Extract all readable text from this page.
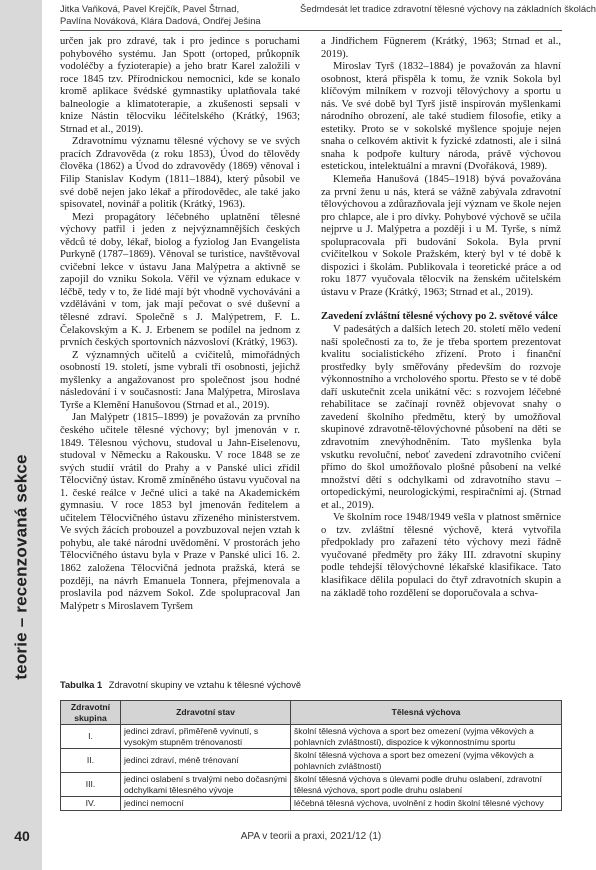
teorie – recenzovaná sekce
40
Jitka Vaňková, Pavel Krejčík, Pavel Štrnad,
Pavlína Nováková, Klára Dadová, Ondřej Ješina
Šedmdesát let tradice zdravotní tělesné výchovy na základních školách

určen jak pro zdravé, tak i pro jedince s poruchami pohybového systému. Jan Spott (ortoped, průkopník vodoléčby a fyzioterapie) a jeho bratr Karel založili v roce 1845 tzv. Přírodnickou nemocnici, kde se konalo kromě aplikace švédské gymnastiky uplatňovala také balneologie a klimatoterapie, a zkušenosti sepsali v knize Nástin tělocviku léčitelského (Krátký, 1963; Strnad et al., 2019).

Zdravotnímu významu tělesné výchovy se ve svých pracích Zdravověda (z roku 1853), Úvod do tělovědy člověka (1862) a Úvod do zdravovědy (1869) věnoval i Filip Stanislav Kodym (1811–1884), který působil ve své době nejen jako lékař a přírodovědec, ale také jako spisovatel, novinář a politik (Krátký, 1963).

Mezi propagátory léčebného uplatnění tělesné výchovy patřil i jeden z nejvýznamnějších českých vědců té doby, lékař, biolog a fyziolog Jan Evangelista Purkyně (1787–1869). Věnoval se turistice, navštěvoval cvičební lekce v ústavu Jana Malýpetra a aktivně se zapojil do vzniku Sokola. Věřil ve význam edukace v léčbě, tedy v to, že lidé mají být vhodně vychováváni a vzděláváni v tom, jak mají pečovat o své duševní a tělesné zdraví. Společně s J. Malýpetrem, F. L. Čelakovským a K. J. Erbenem se podílel na jednom z prvních českých sportovních názvosloví (Krátký, 1963).

Z významných učitelů a cvičitelů, mimořádných osobností 19. století, jsme vybrali tři osobnosti, jejichž myšlenky a angažovanost pro společnost jsou hodné následování i v současnosti: Jana Malýpetra, Miroslava Tyrše a Klemění Hanušovou (Strnad et al., 2019).

Jan Malýpetr (1815–1899) je považován za prvního českého učitele tělesné výchovy; byl jmenován v r. 1849. Tělesnou výchovu, studoval u Jahn-Eiselenovu, studoval v Německu a Rakousku. V roce 1848 se ze svých studií vrátil do Prahy a v Panské ulici zřídil Tělocvičný ústav. Kromě zmíněného ústavu vyučoval na 1. české reálce v Ječné ulici a také na Akademickém gymnasiu. V roce 1853 byl jmenován ředitelem a učitelem Tělocvičného ústavu zřízeného ministerstvem. Ve svých žácích probouzel a povzbuzoval nejen vztah k pohybu, ale také národní uvědomění. V prostorách jeho Tělocvičného ústavu byla v Praze v Panské ulici 16. 2. 1862 založena Tělocvičná jednota pražská, která se později, na návrh Emanuela Tonnera, přejmenovala a proslavila pod názvem Sokol. Zde spolupracoval Jan Malýpetr s Miroslavem Tyršem

a Jindřichem Fügnerem (Krátký, 1963; Strnad et al., 2019).

Miroslav Tyrš (1832–1884) je považován za hlavní osobnost, která přispěla k tomu, že vznik Sokola byl klíčovým milníkem v rozvoji tělovýchovy a sportu u nás. Ve své době byl Tyrš jistě inspirován myšlenkami národního obrození, ale také studiem filosofie, etiky a estetiky. Proto se v sokolské myšlence spojuje nejen snaha o celkovém aktivit k fyzické zdatnosti, ale i silná snaha k podpoře kultury národa, právě výchovou estetickou, intelektuální a mravní (Dvořáková, 1989).

Klemeňa Hanušová (1845–1918) bývá považována za první ženu u nás, která se vážně zabývala zdravotní tělovýchovou a zdůrazňovala její význam ve škole nejen pro chlapce, ale i pro dívky. Pohybové výchově se učila nejprve u J. Malýpetra a později i u M. Tyrše, s nímž spolupracovala při budování Sokola. Byla první cvičitelkou v Sokole Pražském, který byl v té době k dispozici i školám. Publikovala i teoretické práce a od roku 1877 vyučovala tělocvik na ženském učitelském ústavu v Praze (Krátký, 1963; Strnad et al., 2019).

Zavedení zvláštní tělesné výchovy po 2. světové válce

V padesátých a dalších letech 20. století mělo vedení naší společnosti za to, že je třeba sportem prezentovat kvalitu socialistického zřízení. Proto i finanční prostředky byly směřovány především do rozvoje výkonnostního a vrcholového sportu. Přesto se v té době daří uskutečnit zcela unikátní věc: s rozvojem léčebné rehabilitace se začínají rovněž objevovat snahy o zavedení školního předmětu, který by umožňoval skupinové zdravotně-tělovýchovné působení na děti se zdravotním znevýhodněním. Tato myšlenka byla vskutku revoluční, neboť zavedení zdravotního cvičení přímo do škol umožňovalo plošné působení na velké množství dětí s odchylkami od zdravotního stavu – ortopedickými, neurologickými, respiračními aj. (Strnad et al., 2019).

Ve školním roce 1948/1949 vešla v platnost směrnice o tzv. zvláštní tělesné výchově, která vytvořila předpoklady pro zařazení této výchovy mezi řádně vyučované předměty pro žáky III. zdravotní skupiny podle tehdejší tělovýchovné lékařské klasifikace. Tato klasifikace dělila populaci do čtyř zdravotních skupin a na základě toho rozdělení se doporučovala a schva-

Tabulka 1 Zdravotní skupiny ve vztahu k tělesné výchově
Zdravotní skupina	Zdravotní stav	Tělesná výchova
I.	jedinci zdraví, přiměřeně vyvinutí, s vysokým stupněm trénovanosti	školní tělesná výchova a sport bez omezení (vyjma věkových a pohlavních zvláštností), dispozice k výkonnostnímu sportu
II.	jedinci zdraví, méně trénovaní	školní tělesná výchova a sport bez omezení (vyjma věkových a pohlavních zvláštností)
III.	jedinci oslabení s trvalými nebo dočasnými odchylkami tělesného vývoje	školní tělesná výchova s úlevami podle druhu oslabení, zdravotní tělesná výchova, sport podle druhu oslabení
IV.	jedinci nemocní	léčebná tělesná výchova, uvolnění z hodin školní tělesné výchovy
APA v teorii a praxi, 2021/12 (1)
